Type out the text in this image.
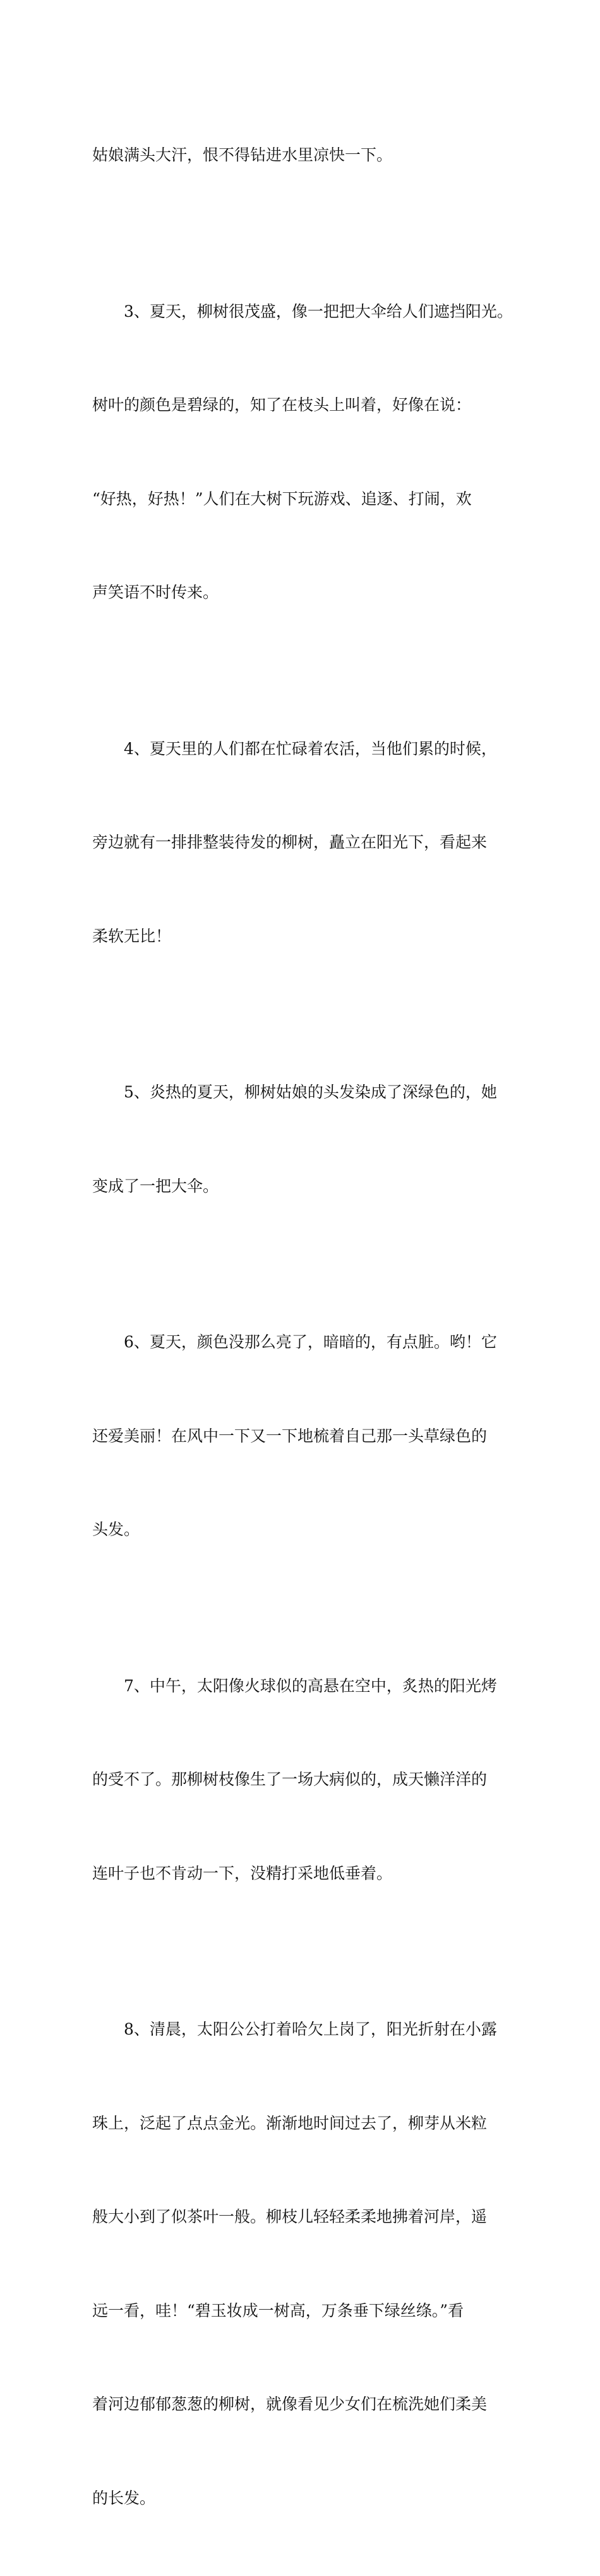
姑娘满头大汗，恨不得钻进水里凉快一下。

3、夏天，柳树很茂盛，像一把把大伞给人们遮挡阳光。

树叶的颜色是碧绿的，知了在枝头上叫着，好像在说：

“好热，好热！”人们在大树下玩游戏、追逐、打闹，欢

声笑语不时传来。

4、夏天里的人们都在忙碌着农活，当他们累的时候，

旁边就有一排排整装待发的柳树，矗立在阳光下，看起来

柔软无比！

5、炎热的夏天，柳树姑娘的头发染成了深绿色的，她

变成了一把大伞。

6、夏天，颜色没那么亮了，暗暗的，有点脏。哟！它

还爱美丽！在风中一下又一下地梳着自己那一头草绿色的

头发。

7、中午，太阳像火球似的高悬在空中，炙热的阳光烤

的受不了。那柳树枝像生了一场大病似的，成天懒洋洋的

连叶子也不肯动一下，没精打采地低垂着。

8、清晨，太阳公公打着哈欠上岗了，阳光折射在小露

珠上，泛起了点点金光。渐渐地时间过去了，柳芽从米粒

般大小到了似茶叶一般。柳枝儿轻轻柔柔地拂着河岸，遥

远一看，哇！“碧玉妆成一树高，万条垂下绿丝绦。”看

着河边郁郁葱葱的柳树，就像看见少女们在梳洗她们柔美

的长发。
